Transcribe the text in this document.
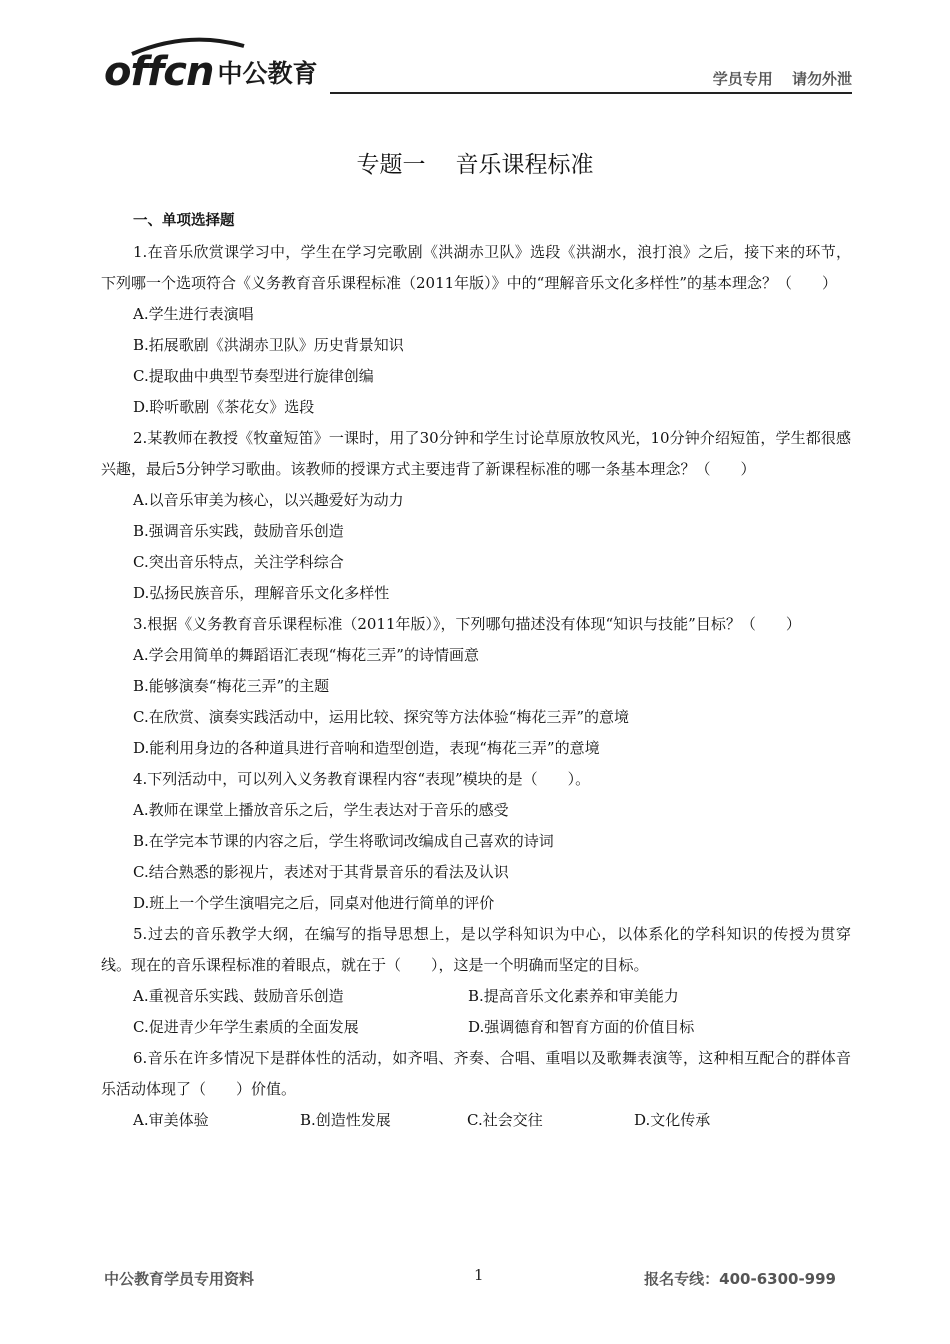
offcn 中公教育	学员专用 请勿外泄
专题一 音乐课程标准
一、单项选择题

1.在音乐欣赏课学习中，学生在学习完歌剧《洪湖赤卫队》选段《洪湖水，浪打浪》之后，接下来的环节，下列哪一个选项符合《义务教育音乐课程标准（2011年版）》中的“理解音乐文化多样性”的基本理念？（　　）

A.学生进行表演唱

B.拓展歌剧《洪湖赤卫队》历史背景知识

C.提取曲中典型节奏型进行旋律创编

D.聆听歌剧《茶花女》选段

2.某教师在教授《牧童短笛》一课时，用了30分钟和学生讨论草原放牧风光，10分钟介绍短笛，学生都很感兴趣，最后5分钟学习歌曲。该教师的授课方式主要违背了新课程标准的哪一条基本理念？（　　）

A.以音乐审美为核心，以兴趣爱好为动力

B.强调音乐实践，鼓励音乐创造

C.突出音乐特点，关注学科综合

D.弘扬民族音乐，理解音乐文化多样性

3.根据《义务教育音乐课程标准（2011年版）》，下列哪句描述没有体现“知识与技能”目标？（　　）

A.学会用简单的舞蹈语汇表现“梅花三弄”的诗情画意

B.能够演奏“梅花三弄”的主题

C.在欣赏、演奏实践活动中，运用比较、探究等方法体验“梅花三弄”的意境

D.能利用身边的各种道具进行音响和造型创造，表现“梅花三弄”的意境

4.下列活动中，可以列入义务教育课程内容“表现”模块的是（　　）。

A.教师在课堂上播放音乐之后，学生表达对于音乐的感受

B.在学完本节课的内容之后，学生将歌词改编成自己喜欢的诗词

C.结合熟悉的影视片，表述对于其背景音乐的看法及认识

D.班上一个学生演唱完之后，同桌对他进行简单的评价

5.过去的音乐教学大纲，在编写的指导思想上，是以学科知识为中心，以体系化的学科知识的传授为贯穿线。现在的音乐课程标准的着眼点，就在于（　　），这是一个明确而坚定的目标。

A.重视音乐实践、鼓励音乐创造	B.提高音乐文化素养和审美能力
C.促进青少年学生素质的全面发展	D.强调德育和智育方面的价值目标

6.音乐在许多情况下是群体性的活动，如齐唱、齐奏、合唱、重唱以及歌舞表演等，这种相互配合的群体音乐活动体现了（　　）价值。

A.审美体验	B.创造性发展	C.社会交往	D.文化传承
中公教育学员专用资料	1	报名专线：400-6300-999
